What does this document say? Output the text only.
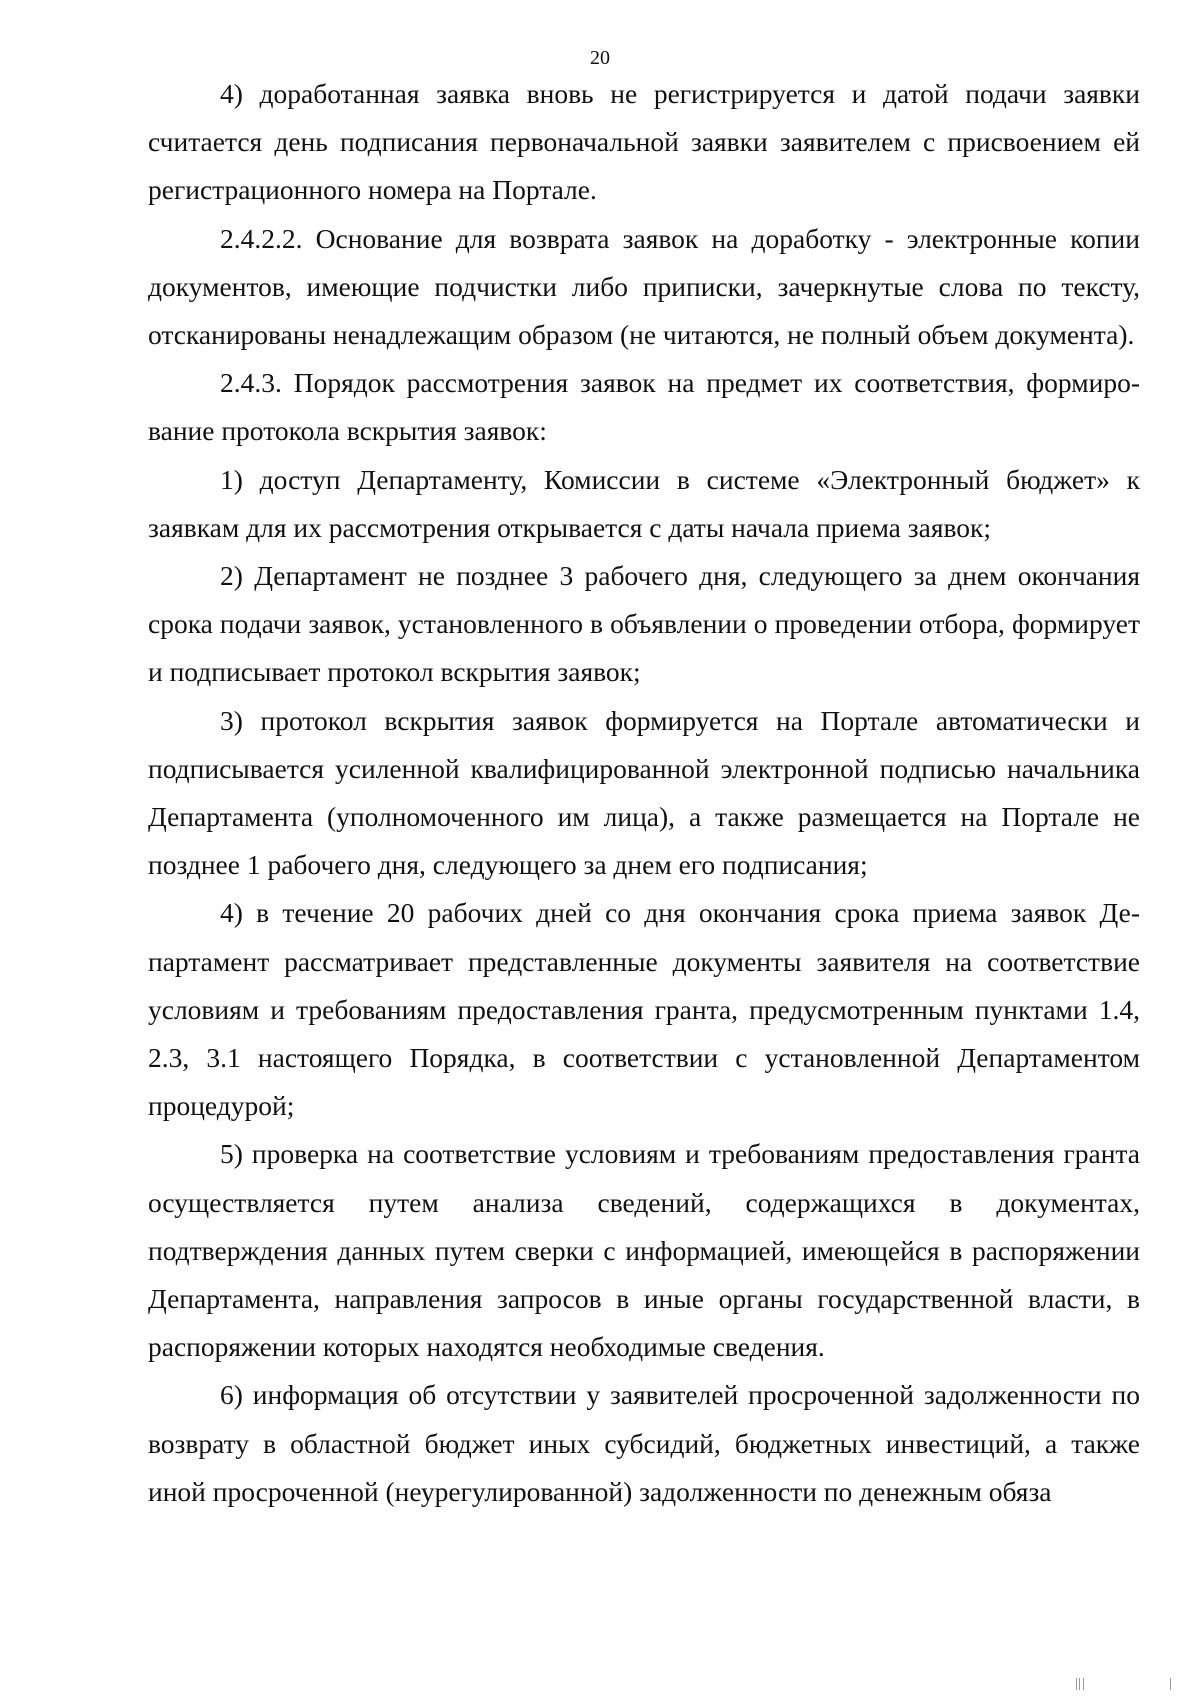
20

4) доработанная заявка вновь не регистрируется и датой подачи заявки считается день подписания первоначальной заявки заявителем с присвоением ей регистрационного номера на Портале.

2.4.2.2. Основание для возврата заявок на доработку - электронные копии документов, имеющие подчистки либо приписки, зачеркнутые слова по тексту, отсканированы ненадлежащим образом (не читаются, не полный объем документа).

2.4.3. Порядок рассмотрения заявок на предмет их соответствия, формирование протокола вскрытия заявок:

1) доступ Департаменту, Комиссии в системе «Электронный бюджет» к заявкам для их рассмотрения открывается с даты начала приема заявок;

2) Департамент не позднее 3 рабочего дня, следующего за днем окончания срока подачи заявок, установленного в объявлении о проведении отбора, формирует и подписывает протокол вскрытия заявок;

3) протокол вскрытия заявок формируется на Портале автоматически и подписывается усиленной квалифицированной электронной подписью начальника Департамента (уполномоченного им лица), а также размещается на Портале не позднее 1 рабочего дня, следующего за днем его подписания;

4) в течение 20 рабочих дней со дня окончания срока приема заявок Департамент рассматривает представленные документы заявителя на соответствие условиям и требованиям предоставления гранта, предусмотренным пунктами 1.4, 2.3, 3.1 настоящего Порядка, в соответствии с установленной Департаментом процедурой;

5) проверка на соответствие условиям и требованиям предоставления гранта осуществляется путем анализа сведений, содержащихся в документах, подтверждения данных путем сверки с информацией, имеющейся в распоряжении Департамента, направления запросов в иные органы государственной власти, в распоряжении которых находятся необходимые сведения.

6) информация об отсутствии у заявителей просроченной задолженности по возврату в областной бюджет иных субсидий, бюджетных инвестиций, а также иной просроченной (неурегулированной) задолженности по денежным обяза
